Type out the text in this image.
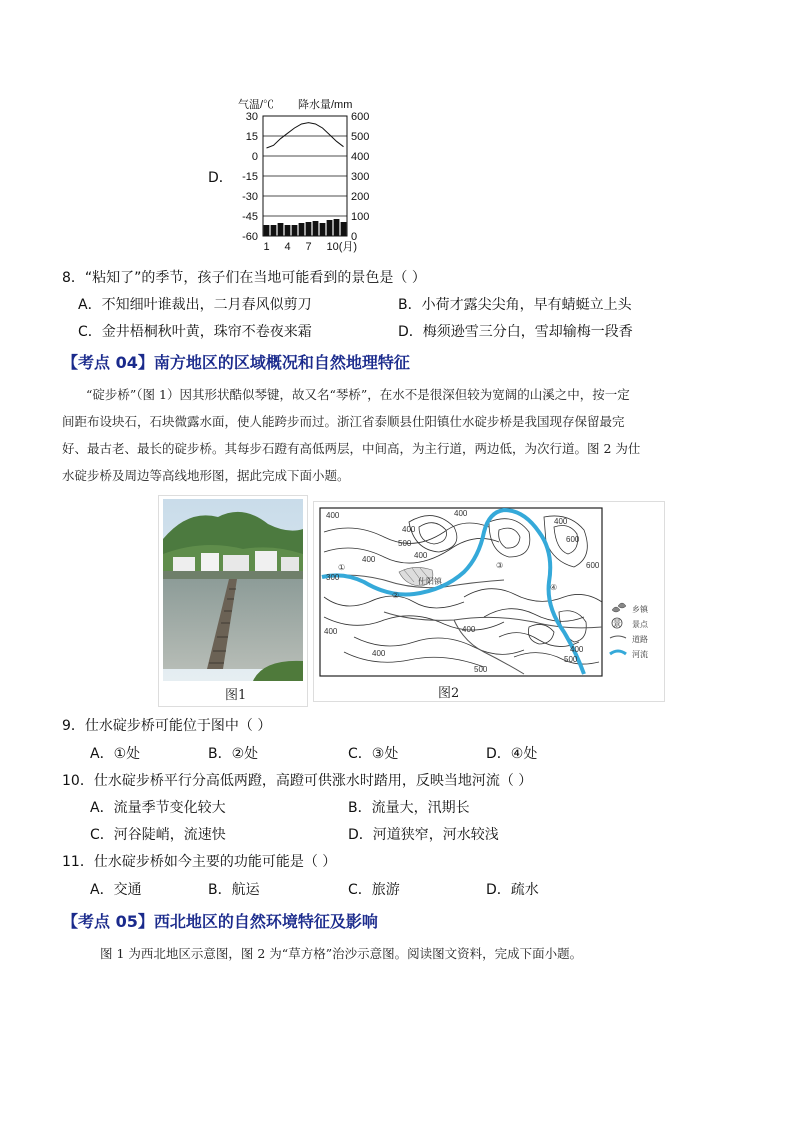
D．
气温/℃ 降水量/mm
30
15
0
-15
-30
-45
-60
600
500
400
300
200
100
0
1 4 7 10(月)
8．“粘知了”的季节，孩子们在当地可能看到的景色是（ ）
A．不知细叶谁裁出，二月春风似剪刀	B．小荷才露尖尖角，早有蜻蜓立上头
C．金井梧桐秋叶黄，珠帘不卷夜来霜	D．梅须逊雪三分白，雪却输梅一段香
【考点 04】南方地区的区域概况和自然地理特征
“碇步桥”（图 1）因其形状酷似琴键，故又名“琴桥”，在水不是很深但较为宽阔的山溪之中，按一定
间距布设块石，石块微露水面，使人能跨步而过。浙江省泰顺县仕阳镇仕水碇步桥是我国现存保留最完
好、最古老、最长的碇步桥。其每步石蹬有高低两层，中间高，为主行道，两边低，为次行道。图 2 为仕
水碇步桥及周边等高线地形图，据此完成下面小题。
图1
仕阳镇
①
②
③
④
400
400
400
500
400
300
400
600
600
400
400
400	400
500
500
400
乡镇
景 景点
道路
河流
图2
9．仕水碇步桥可能位于图中（ ）
A．①处	B．②处	C．③处	D．④处
10．仕水碇步桥平行分高低两蹬，高蹬可供涨水时踏用，反映当地河流（ ）
A．流量季节变化较大	B．流量大，汛期长
C．河谷陡峭，流速快	D．河道狭窄，河水较浅
11．仕水碇步桥如今主要的功能可能是（ ）
A．交通	B．航运	C．旅游	D．疏水
【考点 05】西北地区的自然环境特征及影响
图 1 为西北地区示意图，图 2 为“草方格”治沙示意图。阅读图文资料，完成下面小题。
